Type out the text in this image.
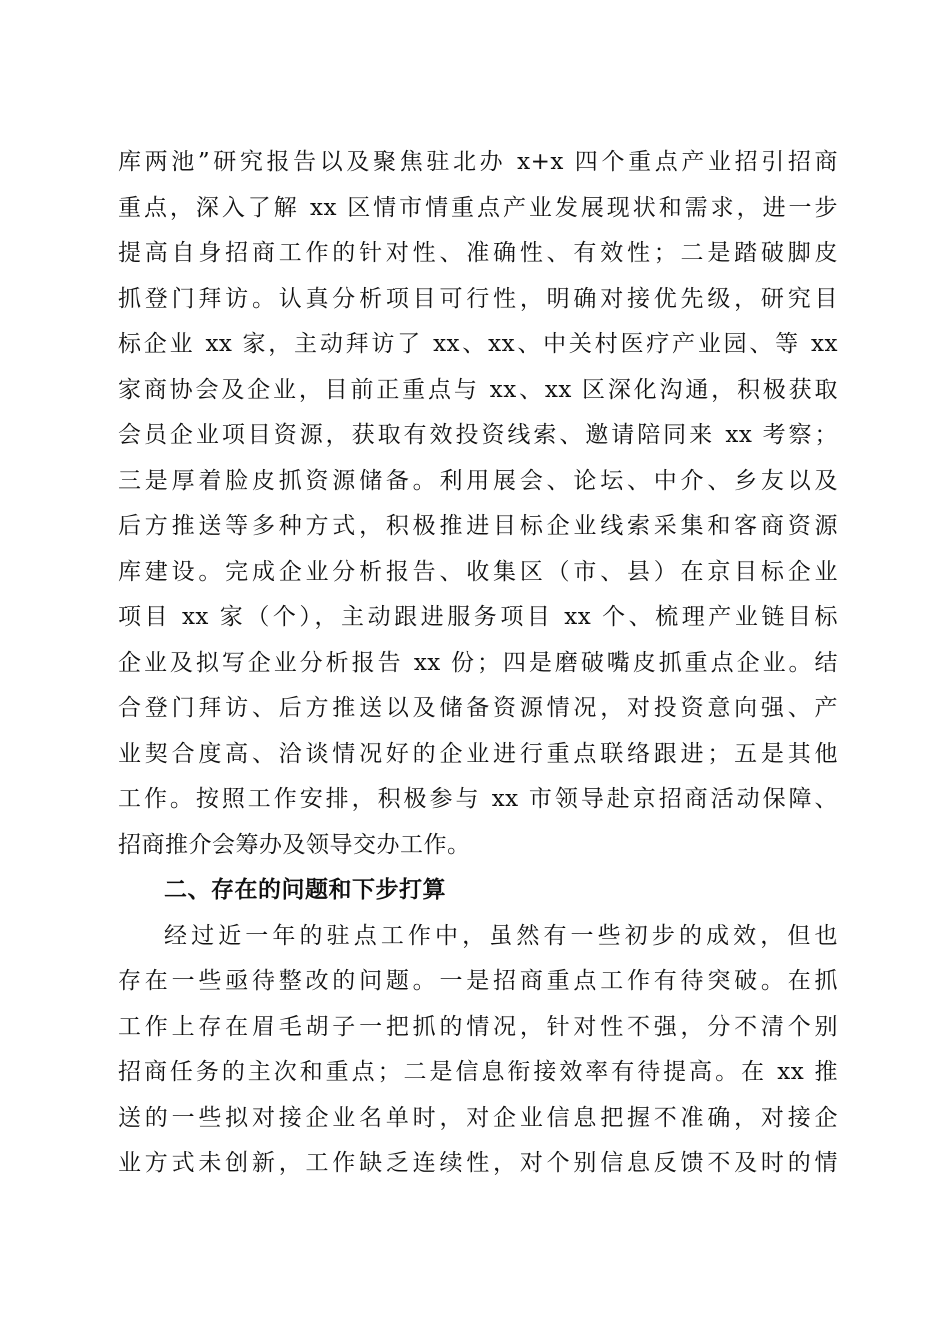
库两池”研究报告以及聚焦驻北办 x+x 四个重点产业招引招商
重点，深入了解 xx 区情市情重点产业发展现状和需求，进一步
提高自身招商工作的针对性、准确性、有效性；二是踏破脚皮
抓登门拜访。认真分析项目可行性，明确对接优先级，研究目
标企业 xx 家，主动拜访了 xx、xx、中关村医疗产业园、等 xx
家商协会及企业，目前正重点与 xx、xx 区深化沟通，积极获取
会员企业项目资源，获取有效投资线索、邀请陪同来 xx 考察；
三是厚着脸皮抓资源储备。利用展会、论坛、中介、乡友以及
后方推送等多种方式，积极推进目标企业线索采集和客商资源
库建设。完成企业分析报告、收集区（市、县）在京目标企业
项目 xx 家（个），主动跟进服务项目 xx 个、梳理产业链目标
企业及拟写企业分析报告 xx 份；四是磨破嘴皮抓重点企业。结
合登门拜访、后方推送以及储备资源情况，对投资意向强、产
业契合度高、洽谈情况好的企业进行重点联络跟进；五是其他
工作。按照工作安排，积极参与 xx 市领导赴京招商活动保障、
招商推介会筹办及领导交办工作。
二、存在的问题和下步打算
经过近一年的驻点工作中，虽然有一些初步的成效，但也
存在一些亟待整改的问题。一是招商重点工作有待突破。在抓
工作上存在眉毛胡子一把抓的情况，针对性不强，分不清个别
招商任务的主次和重点；二是信息衔接效率有待提高。在 xx 推
送的一些拟对接企业名单时，对企业信息把握不准确，对接企
业方式未创新，工作缺乏连续性，对个别信息反馈不及时的情
